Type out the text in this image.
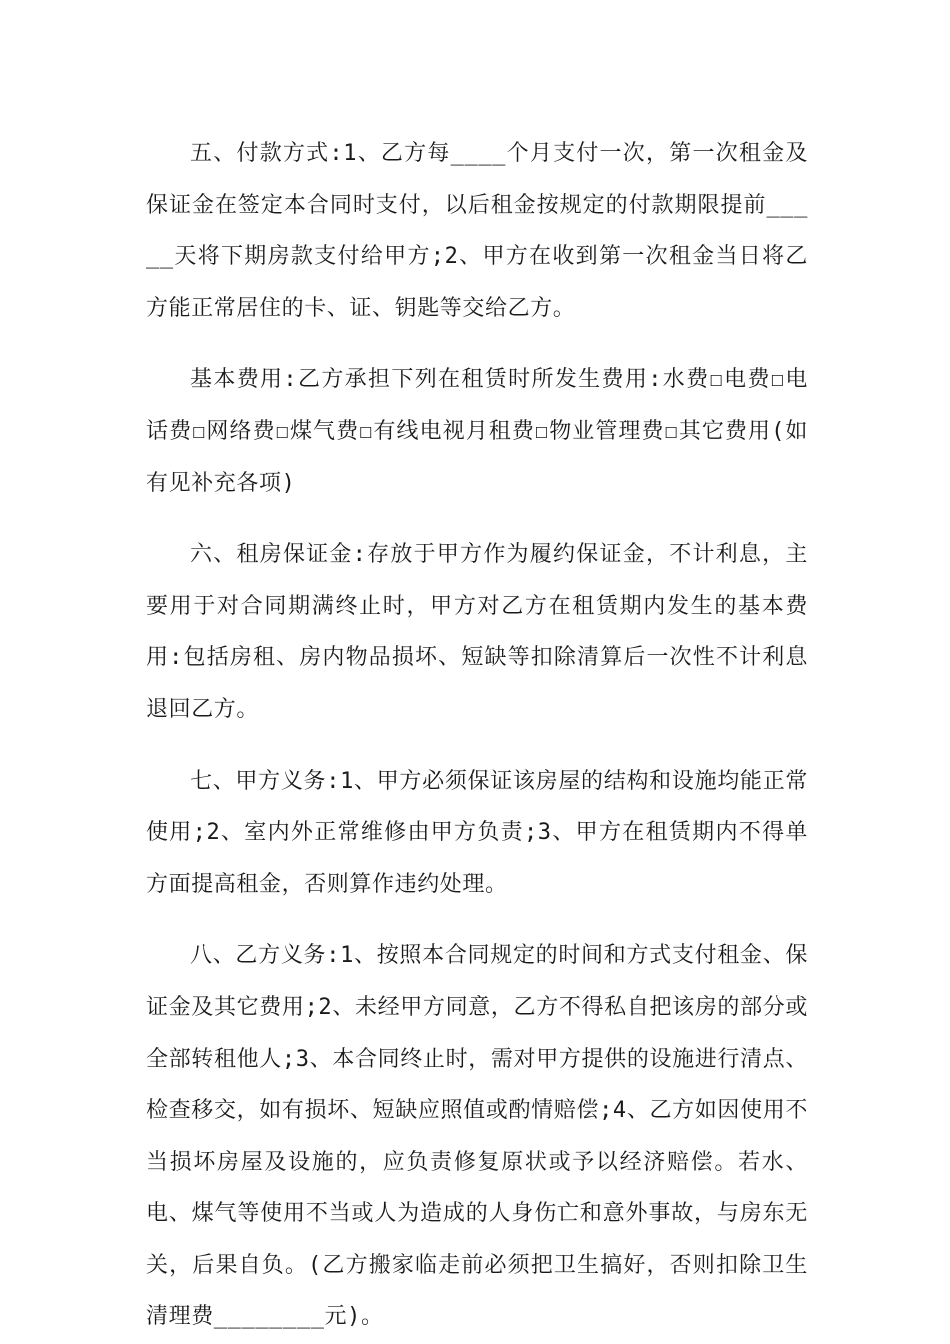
五、付款方式:1、乙方每____个月支付一次，第一次租金及保证金在签定本合同时支付，以后租金按规定的付款期限提前_____天将下期房款支付给甲方;2、甲方在收到第一次租金当日将乙方能正常居住的卡、证、钥匙等交给乙方。

基本费用:乙方承担下列在租赁时所发生费用:水费☐电费☐电话费☐网络费☐煤气费☐有线电视月租费☐物业管理费☐其它费用(如有见补充各项)

六、租房保证金:存放于甲方作为履约保证金，不计利息，主要用于对合同期满终止时，甲方对乙方在租赁期内发生的基本费用:包括房租、房内物品损坏、短缺等扣除清算后一次性不计利息退回乙方。

七、甲方义务:1、甲方必须保证该房屋的结构和设施均能正常使用;2、室内外正常维修由甲方负责;3、甲方在租赁期内不得单方面提高租金，否则算作违约处理。

八、乙方义务:1、按照本合同规定的时间和方式支付租金、保证金及其它费用;2、未经甲方同意，乙方不得私自把该房的部分或全部转租他人;3、本合同终止时，需对甲方提供的设施进行清点、检查移交，如有损坏、短缺应照值或酌情赔偿;4、乙方如因使用不当损坏房屋及设施的，应负责修复原状或予以经济赔偿。若水、电、煤气等使用不当或人为造成的人身伤亡和意外事故，与房东无关，后果自负。(乙方搬家临走前必须把卫生搞好，否则扣除卫生清理费________元)。
